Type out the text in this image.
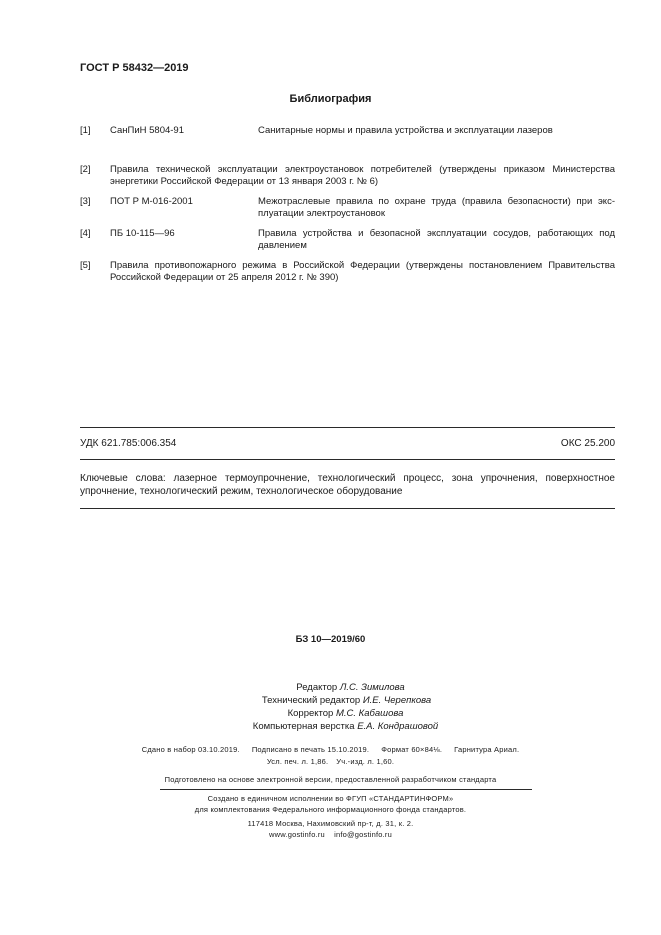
ГОСТ Р 58432—2019
Библиография
[1] СанПиН 5804-91	Санитарные нормы и правила устройства и эксплуатации лазеров
[2] Правила технической эксплуатации электроустановок потребителей (утверждены приказом Министерства энергетики Российской Федерации от 13 января 2003 г. № 6)
[3] ПОТ Р М-016-2001	Межотраслевые правила по охране труда (правила безопасности) при эксплуатации электроустановок
[4] ПБ 10-115—96	Правила устройства и безопасной эксплуатации сосудов, работающих под давлением
[5] Правила противопожарного режима в Российской Федерации (утверждены постановлением Правительства Российской Федерации от 25 апреля 2012 г. № 390)
УДК 621.785:006.354	ОКС 25.200
Ключевые слова: лазерное термоупрочнение, технологический процесс, зона упрочнения, поверхностное упрочнение, технологический режим, технологическое оборудование
БЗ 10—2019/60
Редактор Л.С. Зимилова
Технический редактор И.Е. Черепкова
Корректор М.С. Кабашова
Компьютерная верстка Е.А. Кондрашовой
Сдано в набор 03.10.2019. Подписано в печать 15.10.2019. Формат 60×84⅛. Гарнитура Ариал.
Усл. печ. л. 1,86. Уч.-изд. л. 1,60.
Подготовлено на основе электронной версии, предоставленной разработчиком стандарта
Создано в единичном исполнении во ФГУП «СТАНДАРТИНФОРМ»
для комплектования Федерального информационного фонда стандартов.
117418 Москва, Нахимовский пр-т, д. 31, к. 2.
www.gostinfo.ru info@gostinfo.ru
